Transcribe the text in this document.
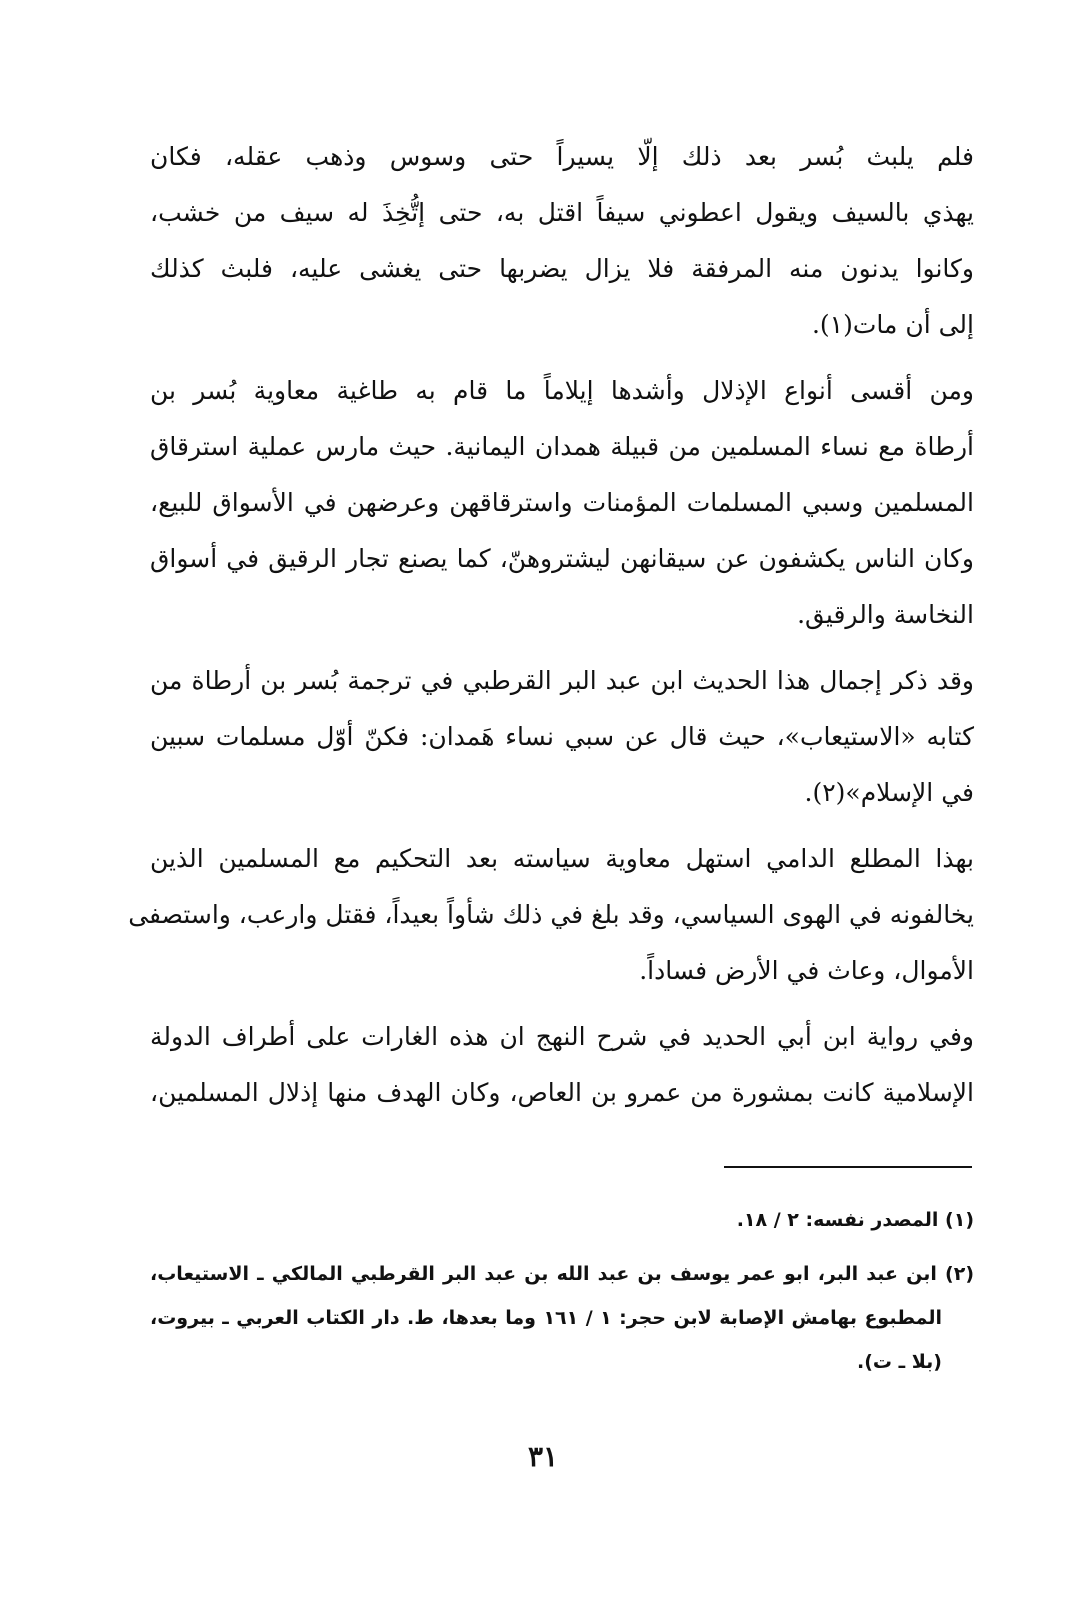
فلم يلبث بُسر بعد ذلك إلّا يسيراً حتى وسوس وذهب عقله، فكان
يهذي بالسيف ويقول اعطوني سيفاً اقتل به، حتى إتُّخِذَ له سيف من خشب،
وكانوا يدنون منه المرفقة فلا يزال يضربها حتى يغشى عليه، فلبث كذلك
إلى أن مات(١).
ومن أقسى أنواع الإذلال وأشدها إيلاماً ما قام به طاغية معاوية بُسر بن
أرطاة مع نساء المسلمين من قبيلة همدان اليمانية. حيث مارس عملية استرقاق
المسلمين وسبي المسلمات المؤمنات واسترقاقهن وعرضهن في الأسواق للبيع،
وكان الناس يكشفون عن سيقانهن ليشتروهنّ، كما يصنع تجار الرقيق في أسواق
النخاسة والرقيق.
وقد ذكر إجمال هذا الحديث ابن عبد البر القرطبي في ترجمة بُسر بن أرطاة من
كتابه «الاستيعاب»، حيث قال عن سبي نساء هَمدان: فكنّ أوّل مسلمات سبين
في الإسلام»(٢).
بهذا المطلع الدامي استهل معاوية سياسته بعد التحكيم مع المسلمين الذين
يخالفونه في الهوى السياسي، وقد بلغ في ذلك شأواً بعيداً، فقتل وارعب، واستصفى
الأموال، وعاث في الأرض فساداً.
وفي رواية ابن أبي الحديد في شرح النهج ان هذه الغارات على أطراف الدولة
الإسلامية كانت بمشورة من عمرو بن العاص، وكان الهدف منها إذلال المسلمين،
(١) المصدر نفسه: ٢ / ١٨.
(٢) ابن عبد البر، ابو عمر يوسف بن عبد الله بن عبد البر القرطبي المالكي ـ الاستيعاب،
المطبوع بهامش الإصابة لابن حجر: ١ / ١٦١ وما بعدها، ط. دار الكتاب العربي ـ بيروت،
(بلا ـ ت).
٣١
